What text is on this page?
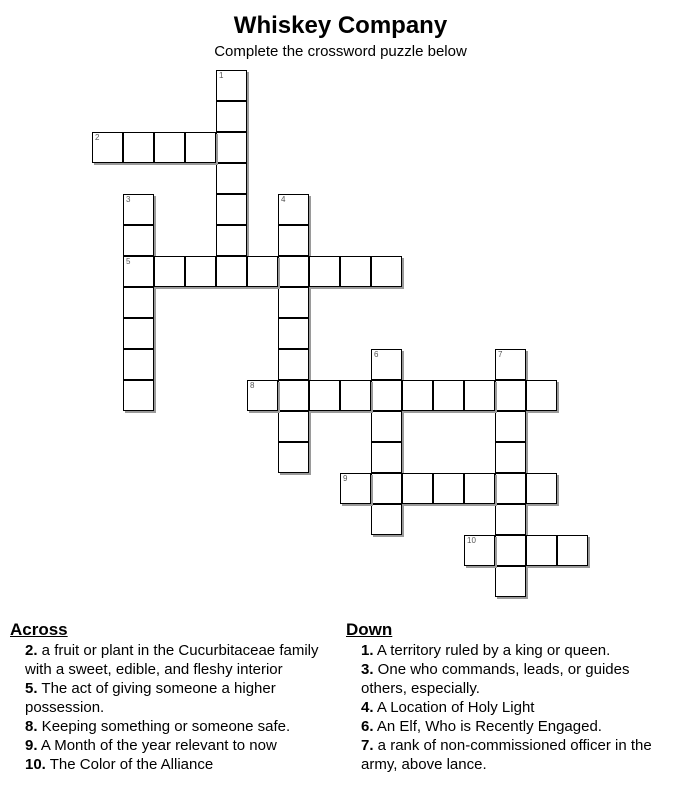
Whiskey Company
Complete the crossword puzzle below
1
2
3
5
4
6	7
8
9
10
Across
2. a fruit or plant in the Cucurbitaceae family with a sweet, edible, and fleshy interior
5. The act of giving someone a higher possession.
8. Keeping something or someone safe.
9. A Month of the year relevant to now
10. The Color of the Alliance
Down
1. A territory ruled by a king or queen.
3. One who commands, leads, or guides others, especially.
4. A Location of Holy Light
6. An Elf, Who is Recently Engaged.
7. a rank of non-commissioned officer in the army, above lance.
